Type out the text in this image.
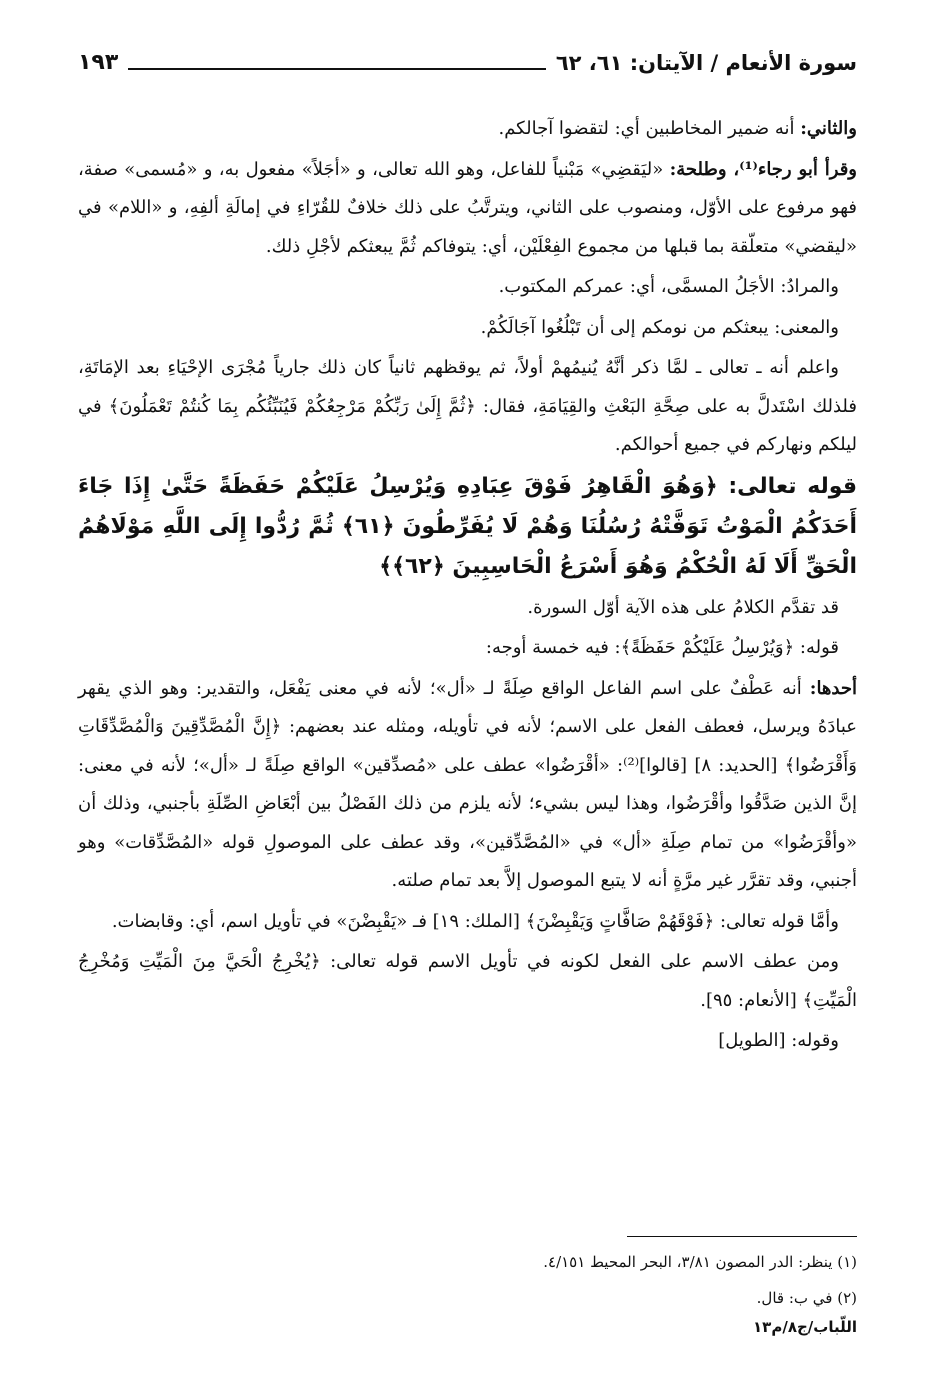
سورة الأنعام / الآيتان: ٦١، ٦٢
١٩٣

والثاني: أنه ضمير المخاطبين أي: لتقضوا آجالكم.

وقرأ أبو رجاء⁽¹⁾، وطلحة: «ليَقضِي» مَبْنياً للفاعل، وهو الله تعالى، و «أجَلاً» مفعول به، و «مُسمى» صفة، فهو مرفوع على الأوّل، ومنصوب على الثاني، ويترتَّبُ على ذلك خلافٌ للقُرّاءِ في إمالَةِ ألفِهِ، و «اللام» في «ليقضي» متعلّقة بما قبلها من مجموع الفِعْلَيْن، أي: يتوفاكم ثُمَّ يبعثكم لأجْلِ ذلك.

والمرادُ: الأجَلُ المسمَّى، أي: عمركم المكتوب.

والمعنى: يبعثكم من نومكم إلى أن تَبْلُغُوا آجَالَكُمْ.

واعلم أنه ـ تعالى ـ لمَّا ذكر أنَّهُ يُنيمُهمْ أولاً، ثم يوقظهم ثانياً كان ذلك جارياً مُجْرَى الإحْيَاءِ بعد الإمَاتَةِ، فلذلك اسْتَدلَّ به على صِحَّةِ البَعْثِ والقِيَامَةِ، فقال: ﴿ثُمَّ إِلَىٰ رَبِّكُمْ مَرْجِعُكُمْ فَيُنَبِّئُكُم بِمَا كُنتُمْ تَعْمَلُونَ﴾ في ليلكم ونهاركم في جميع أحوالكم.

قوله تعالى: ﴿وَهُوَ الْقَاهِرُ فَوْقَ عِبَادِهِ وَيُرْسِلُ عَلَيْكُمْ حَفَظَةً حَتَّىٰ إِذَا جَاءَ أَحَدَكُمُ الْمَوْتُ تَوَفَّتْهُ رُسُلُنَا وَهُمْ لَا يُفَرِّطُونَ ﴿٦١﴾ ثُمَّ رُدُّوا إِلَى اللَّهِ مَوْلَاهُمُ الْحَقِّ أَلَا لَهُ الْحُكْمُ وَهُوَ أَسْرَعُ الْحَاسِبِينَ ﴿٦٢﴾﴾

قد تقدَّم الكلامُ على هذه الآية أوّل السورة.

قوله: ﴿وَيُرْسِلُ عَلَيْكُمْ حَفَظَةً﴾: فيه خمسة أوجه:

أحدها: أنه عَطْفٌ على اسم الفاعل الواقع صِلَةً لـ «أل»؛ لأنه في معنى يَفْعَل، والتقدير: وهو الذي يقهر عبادَهُ ويرسل، فعطف الفعل على الاسم؛ لأنه في تأويله، ومثله عند بعضهم: ﴿إِنَّ الْمُصَّدِّقِينَ وَالْمُصَّدِّقَاتِ وَأَقْرَضُوا﴾ [الحديد: ٨] [قالوا]⁽²⁾: «أقْرَضُوا» عطف على «مُصدِّقين» الواقع صِلَةً لـ «أل»؛ لأنه في معنى: إنَّ الذين صَدَّقُوا وأقْرَضُوا، وهذا ليس بشيء؛ لأنه يلزم من ذلك الفَصْلُ بين أبْعَاضِ الصِّلَةِ بأجنبي، وذلك أن «وأقْرَضُوا» من تمام صِلَةِ «أل» في «المُصَّدِّقين»، وقد عطف على الموصولِ قوله «المُصَّدِّقات» وهو أجنبي، وقد تقرَّر غير مرَّةٍ أنه لا يتبع الموصول إلاَّ بعد تمام صلته.

وأمَّا قوله تعالى: ﴿فَوْقَهُمْ صَافَّاتٍ وَيَقْبِضْنَ﴾ [الملك: ١٩] فـ «يَقْبِضْنَ» في تأويل اسم، أي: وقابضات.

ومن عطف الاسم على الفعل لكونه في تأويل الاسم قوله تعالى: ﴿يُخْرِجُ الْحَيَّ مِنَ الْمَيِّتِ وَمُخْرِجُ الْمَيِّتِ﴾ [الأنعام: ٩٥].

وقوله: [الطويل]

(١) ينظر: الدر المصون ٣/٨١، البحر المحيط ٤/١٥١.

(٢) في ب: قال.

اللّباب/ج٨/م١٣
